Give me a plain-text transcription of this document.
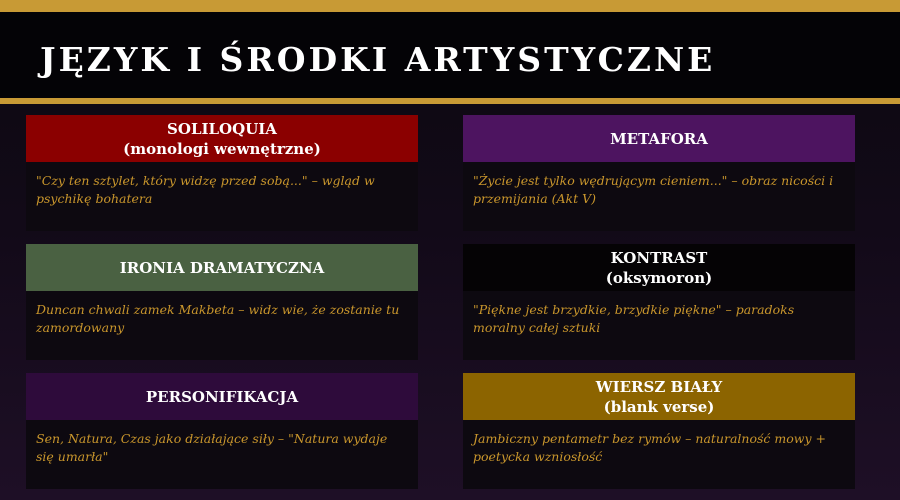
JĘZYK I ŚRODKI ARTYSTYCZNE
SOLILOQUIA
(monologi wewnętrzne)
"Czy ten sztylet, który widzę przed sobą..." – wgląd w psychikę bohatera
METAFORA
"Życie jest tylko wędrującym cieniem..." – obraz nicości i przemijania (Akt V)
IRONIA DRAMATYCZNA
Duncan chwali zamek Makbeta – widz wie, że zostanie tu zamordowany
KONTRAST
(oksymoron)
"Piękne jest brzydkie, brzydkie piękne" – paradoks moralny całej sztuki
PERSONIFIKACJA
Sen, Natura, Czas jako działające siły – "Natura wydaje się umarła"
WIERSZ BIAŁY
(blank verse)
Jambiczny pentametr bez rymów – naturalność mowy + poetycka wzniosłość
